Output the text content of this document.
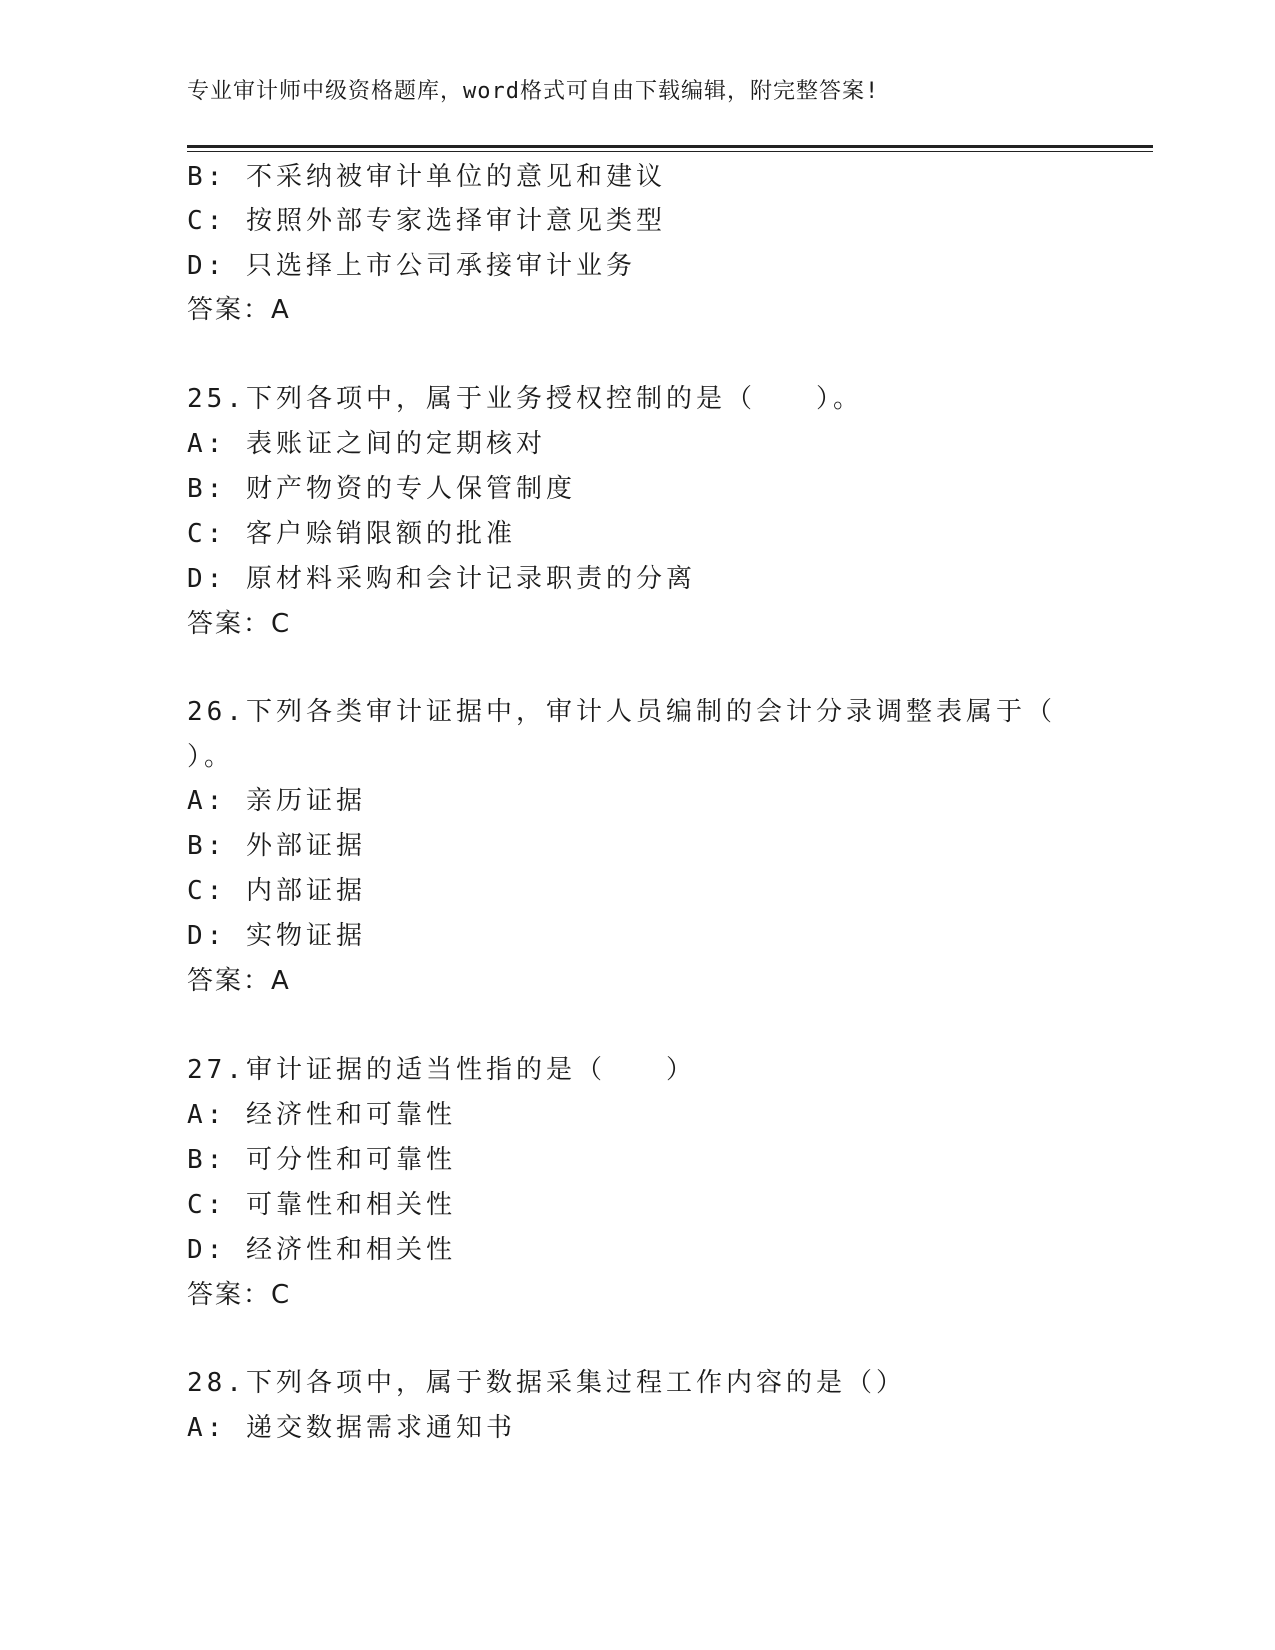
专业审计师中级资格题库，word格式可自由下载编辑，附完整答案!
B: 不采纳被审计单位的意见和建议
C: 按照外部专家选择审计意见类型
D: 只选择上市公司承接审计业务
答案：A
25.下列各项中，属于业务授权控制的是（　　）。
A: 表账证之间的定期核对
B: 财产物资的专人保管制度
C: 客户赊销限额的批准
D: 原材料采购和会计记录职责的分离
答案：C
26.下列各类审计证据中，审计人员编制的会计分录调整表属于（
）。
A: 亲历证据
B: 外部证据
C: 内部证据
D: 实物证据
答案：A
27.审计证据的适当性指的是（　　）
A: 经济性和可靠性
B: 可分性和可靠性
C: 可靠性和相关性
D: 经济性和相关性
答案：C
28.下列各项中，属于数据采集过程工作内容的是（）
A: 递交数据需求通知书
